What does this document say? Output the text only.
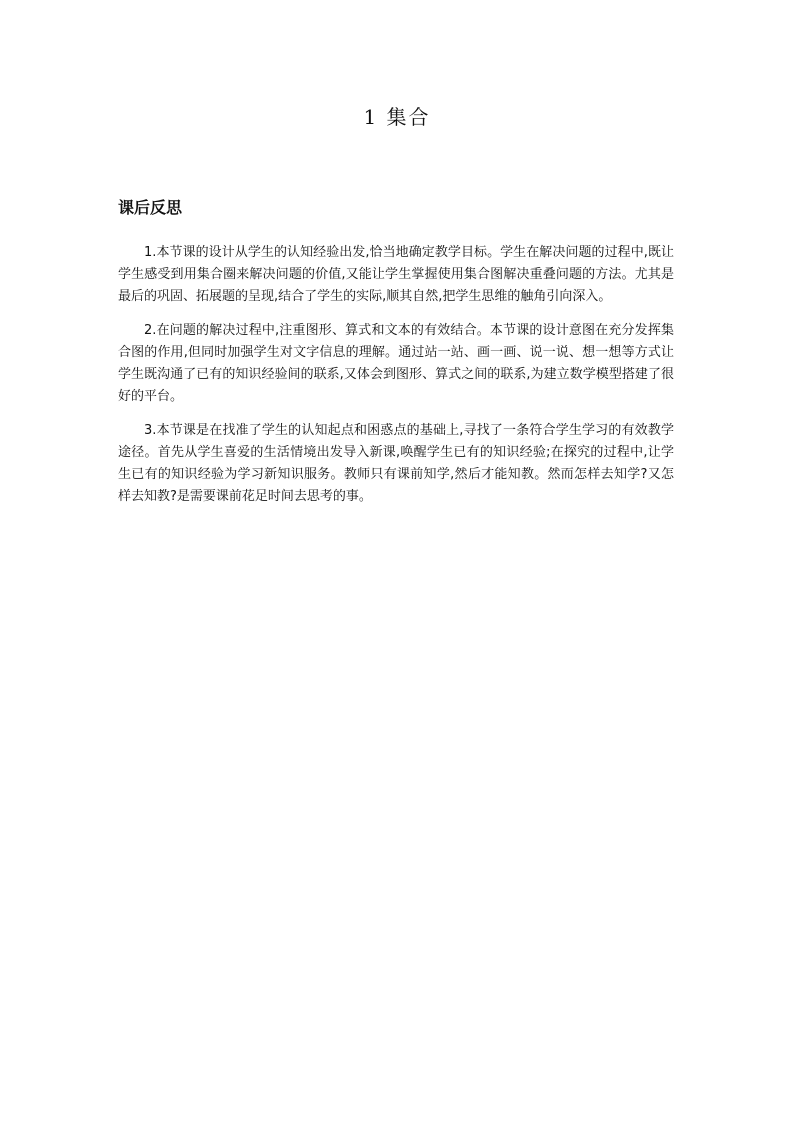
1 集合
课后反思

1.本节课的设计从学生的认知经验出发,恰当地确定教学目标。学生在解决问题的过程中,既让学生感受到用集合圈来解决问题的价值,又能让学生掌握使用集合图解决重叠问题的方法。尤其是最后的巩固、拓展题的呈现,结合了学生的实际,顺其自然,把学生思维的触角引向深入。

2.在问题的解决过程中,注重图形、算式和文本的有效结合。本节课的设计意图在充分发挥集合图的作用,但同时加强学生对文字信息的理解。通过站一站、画一画、说一说、想一想等方式让学生既沟通了已有的知识经验间的联系,又体会到图形、算式之间的联系,为建立数学模型搭建了很好的平台。

3.本节课是在找准了学生的认知起点和困惑点的基础上,寻找了一条符合学生学习的有效教学途径。首先从学生喜爱的生活情境出发导入新课,唤醒学生已有的知识经验;在探究的过程中,让学生已有的知识经验为学习新知识服务。教师只有课前知学,然后才能知教。然而怎样去知学?又怎样去知教?是需要课前花足时间去思考的事。
